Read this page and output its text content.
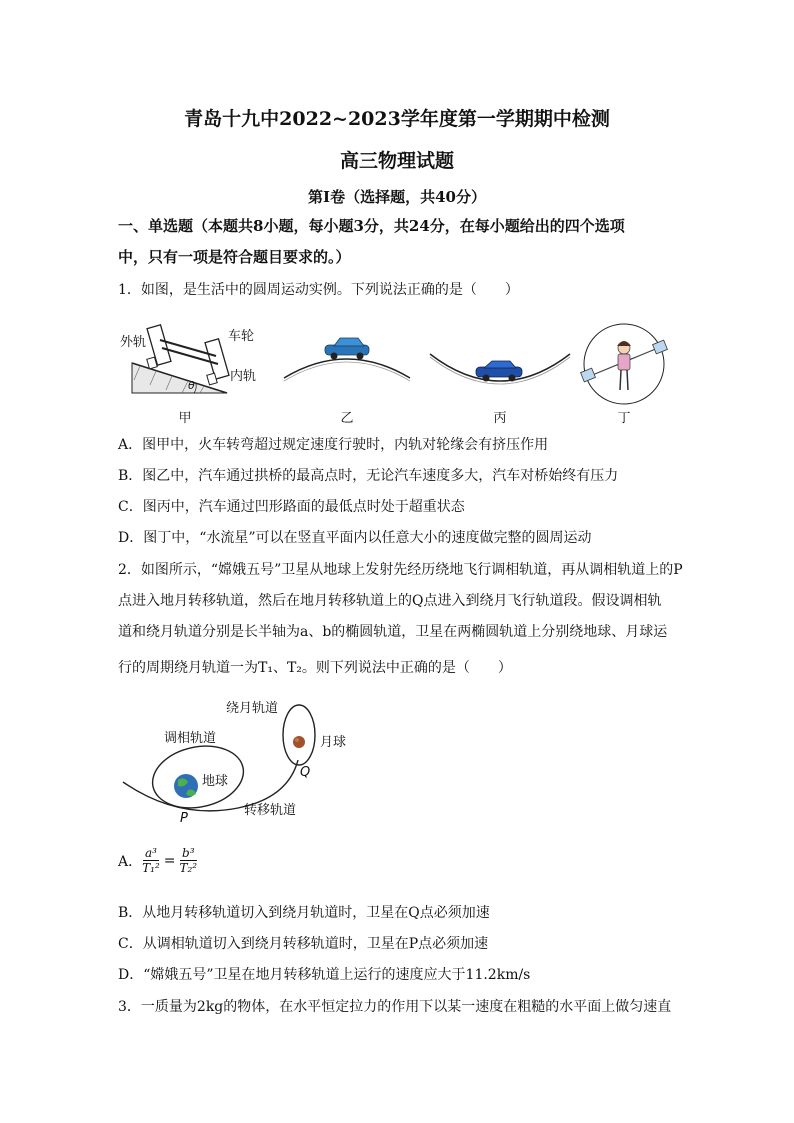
青岛十九中2022~2023学年度第一学期期中检测
高三物理试题
第Ⅰ卷（选择题，共40分）
一、单选题（本题共8小题，每小题3分，共24分，在每小题给出的四个选项
中，只有一项是符合题目要求的。）
1．如图，是生活中的圆周运动实例。下列说法正确的是（　　）
θ
外轨	车轮
内轨
甲	乙	丙	丁
A．图甲中，火车转弯超过规定速度行驶时，内轨对轮缘会有挤压作用
B．图乙中，汽车通过拱桥的最高点时，无论汽车速度多大，汽车对桥始终有压力
C．图丙中，汽车通过凹形路面的最低点时处于超重状态
D．图丁中，“水流星”可以在竖直平面内以任意大小的速度做完整的圆周运动
2．如图所示，“嫦娥五号”卫星从地球上发射先经历绕地飞行调相轨道，再从调相轨道上的P
点进入地月转移轨道，然后在地月转移轨道上的Q点进入到绕月飞行轨道段。假设调相轨
道和绕月轨道分别是长半轴为a、b的椭圆轨道，卫星在两椭圆轨道上分别绕地球、月球运
行的周期绕月轨道一为T₁、T₂。则下列说法中正确的是（　　）
绕月轨道
月球
调相轨道
地球
Q
P
转移轨道
A． $\frac{\text{a³}}{\text{T₁²}} = \frac{\text{b³}}{\text{T₂²}}$
B．从地月转移轨道切入到绕月轨道时，卫星在Q点必须加速
C．从调相轨道切入到绕月转移轨道时，卫星在P点必须加速
D．“嫦娥五号”卫星在地月转移轨道上运行的速度应大于11.2km/s
3．一质量为2kg的物体，在水平恒定拉力的作用下以某一速度在粗糙的水平面上做匀速直
